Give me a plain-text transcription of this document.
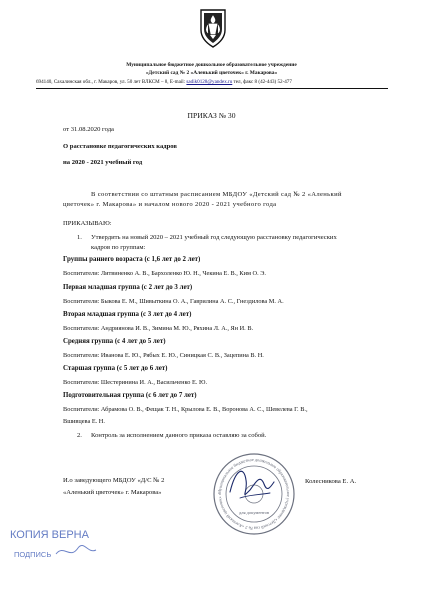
Муниципальное бюджетное дошкольное образовательное учреждение
«Детский сад № 2 «Аленький цветочек» г. Макарова»
694140, Сахалинская обл., г. Макаров, ул. 50 лет ВЛКСМ – 8, E-mail: sadik0128@yandex.ru тел, факс 8 (42-443) 52-477
ПРИКАЗ № 30
от 31.08.2020 года
О расстановке педагогических кадров
на 2020 - 2021 учебный год
В соответствии со штатным расписанием МБДОУ «Детский сад № 2 «Аленький
цветочек» г. Макарова» и началом нового 2020 - 2021 учебного года
ПРИКАЗЫВАЮ:
1. Утвердить на новый 2020 – 2021 учебный год следующую расстановку педагогических
кадров по группам:
Группы раннего возраста (с 1,6 лет до 2 лет)
Воспитатели: Литвиненко А. В., Бархоленко Ю. Н., Чекина Е. В., Ким О. Э.
Первая младшая группа (с 2 лет до 3 лет)
Воспитатели: Быкова Е. М., Шивыткина О. А., Гаврилина А. С., Гнездилова М. А.
Вторая младшая группа (с 3 лет до 4 лет)
Воспитатели: Андриянова И. В., Зимина М. Ю., Ряхина Л. А., Ян И. В.
Средняя группа (с 4 лет до 5 лет)
Воспитатели: Иванова Е. Ю., Рябых Е. Ю., Синицкая С. В., Зацепина В. Н.
Старшая группа (с 5 лет до 6 лет)
Воспитатели: Шестеринина И. А., Васильченко Е. Ю.
Подготовительная группа (с 6 лет до 7 лет)
Воспитатели: Абрамова О. В., Фещак Т. Н., Крылова Е. В., Воронова А. С., Шевелева Г. В.,
Вшивцева Е. Н.
2. Контроль за исполнением данного приказа оставляю за собой.
Муниципальное бюджетное дошкольное образовательное учреждение «Детский сад № 2 «Аленький цветочек» г
для документов
И.о заведующего МБДОУ «Д/С № 2
«Аленький цветочек» г. Макарова»
Колесникова Е. А.
КОПИЯ ВЕРНА
ПОДПИСЬ
